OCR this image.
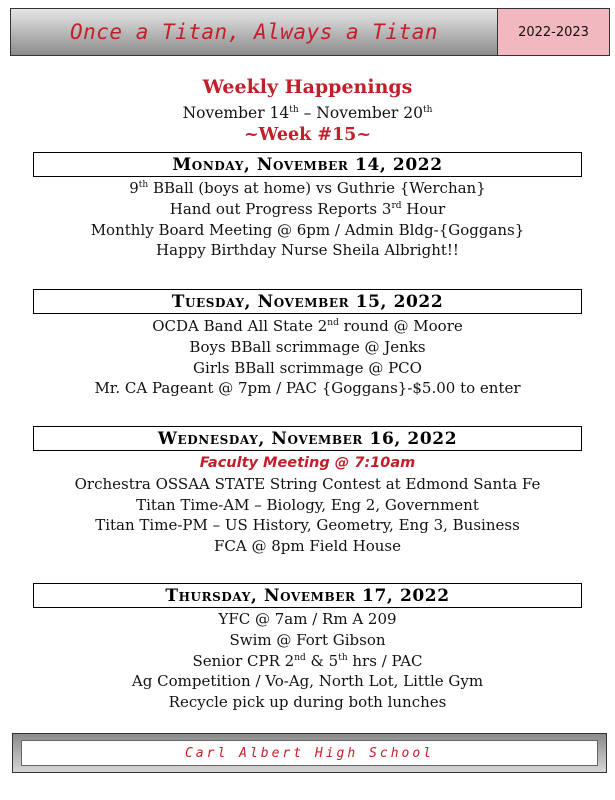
Once a Titan, Always a Titan	2022-2023
Weekly Happenings
November 14th – November 20th
~Week #15~
Monday, November 14, 2022
9th BBall (boys at home) vs Guthrie {Werchan}
Hand out Progress Reports 3rd Hour
Monthly Board Meeting @ 6pm / Admin Bldg-{Goggans}
Happy Birthday Nurse Sheila Albright!!
Tuesday, November 15, 2022
OCDA Band All State 2nd round @ Moore
Boys BBall scrimmage @ Jenks
Girls BBall scrimmage @ PCO
Mr. CA Pageant @ 7pm / PAC {Goggans}-$5.00 to enter
Wednesday, November 16, 2022
Faculty Meeting @ 7:10am
Orchestra OSSAA STATE String Contest at Edmond Santa Fe
Titan Time-AM – Biology, Eng 2, Government
Titan Time-PM – US History, Geometry, Eng 3, Business
FCA @ 8pm Field House
Thursday, November 17, 2022
YFC @ 7am / Rm A 209
Swim @ Fort Gibson
Senior CPR 2nd & 5th hrs / PAC
Ag Competition / Vo-Ag, North Lot, Little Gym
Recycle pick up during both lunches
Carl Albert High School
